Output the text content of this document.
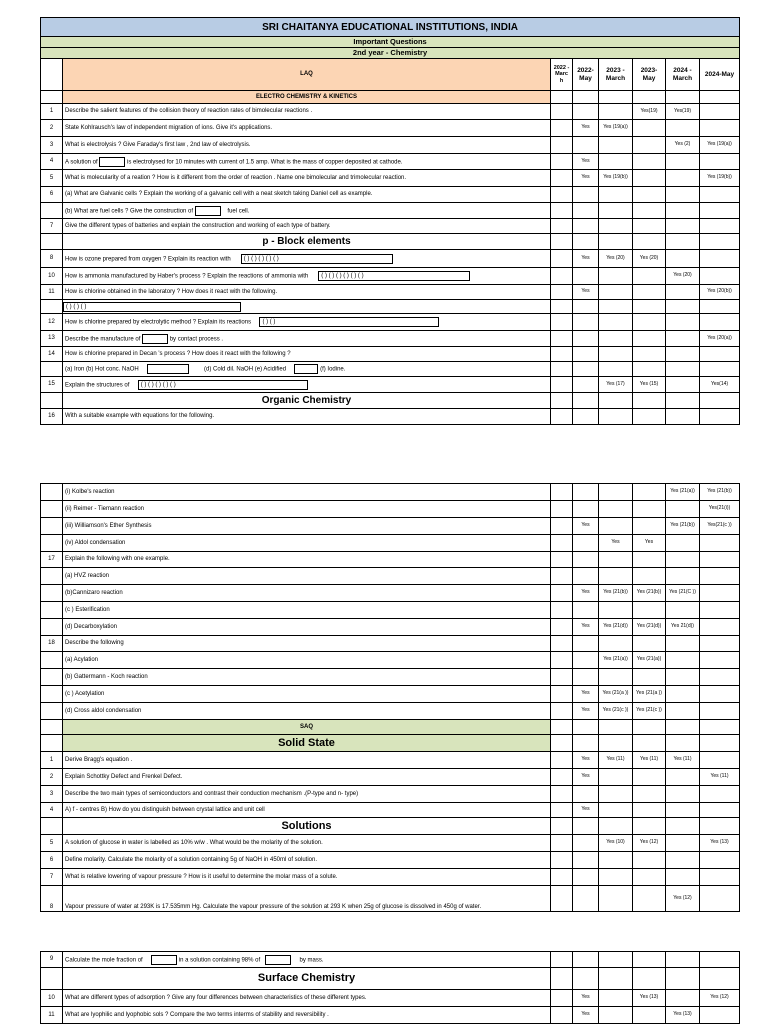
SRI CHAITANYA EDUCATIONAL INSTITUTIONS, INDIA							
Important Questions							
2nd year - Chemistry							
	LAQ	2022 - Marc h	2022- May	2023 - March	2023- May	2024 - March	2024-May
	ELECTRO CHEMISTRY & KINETICS						
1	Describe the salient features of the collision theory of reaction rates of bimolecular reactions .				Yes(19)	Yes(19)	
2	State Kohlrausch's law of independent migration of ions. Give it's applications.		Yes	Yes (19(a))			
3	What is electrolysis ? Give Faraday's first law , 2nd law of electrolysis.					Yes (2)	Yes (19(a))
4	A solution of is electrolysed for 10 minutes with current of 1.5 amp. What is the mass of copper deposited at cathode.		Yes				
5	What is molecularity of a reation ? How is it different from the order of reaction . Name one bimolecular and trimolecular reaction.		Yes	Yes (19(b))			Yes (19(b))
6	(a) What are Galvanic cells ? Explain the working of a galvanic cell with a neat sketch taking Daniel cell as example.						
	(b) What are fuel cells ? Give the construction of fuel cell.						
7	Give the different types of batteries and explain the construction and working of each type of battery.						
	p - Block elements						
8	How is ozone prepared from oxygen ? Explain its reaction with ( ) ( ) ( ) ( ) ( )		Yes	Yes (20)	Yes (20)		
10	How is ammonia manufactured by Haber's process ? Explain the reactions of ammonia with ( ) ( ) ( ) ( ) ( ) ( )					Yes (20)	
11	How is chlorine obtained in the laboratory ? How does it react with the following.		Yes				Yes (20(b))
	( ) ( ) ( )						
12	How is chlorine prepared by electrolytic method ? Explain its reactions ( ) ( )						
13	Describe the manufacture of by contact process .						Yes (20(a))
14	How is chlorine prepared in Decan 's process ? How does it react with the following ?						
	(a) Iron (b) Hot conc. NaOH (d) Cold dil. NaOH (e) Acidified (f) Iodine.						
15	Explain the structures of ( ) ( ) ( ) ( ) ( )			Yes (17)	Yes (15)		Yes(14)
	Organic Chemistry						
16	With a suitable example with equations for the following.						
	(i) Kolbe's reaction					Yes (21(a))	Yes (21(b))
	(ii) Reimer - Tiemann reaction						Yes(21(i))
	(iii) Williamson's Ether Synthesis		Yes			Yes (21(b))	Yes(21(c ))
	(iv) Aldol condensation			Yes	Yes		
17	Explain the following with one example.						
	(a) HVZ reaction						
	(b)Cannizaro reaction		Yes	Yes (21(b))	Yes (21(b))	Yes (21(C ))	
	(c ) Esterification						
	(d) Decarboxylation		Yes	Yes (21(d))	Yes (21(d))	Yes 21(d))	
18	Describe the following						
	(a) Acylation			Yes (21(a))	Yes (21(a))		
	(b) Gattermann - Koch reaction						
	(c ) Acetylation		Yes	Yes (21(a ))	Yes (21(a ))		
	(d) Cross aldol condensation		Yes	Yes (21(c ))	Yes (21(c ))		
	SAQ						
	Solid State						
1	Derive Bragg's equation .		Yes	Yes (11)	Yes (11)	Yes (11)	
2	Explain Schottky Defect and Frenkel Defect.		Yes				Yes (11)
3	Describe the two main types of semiconductors and contrast their conduction mechanism .(P-type and n- type)						
4	A) f - centres B) How do you distinguish between crystal lattice and unit cell		Yes				
	Solutions						
5	A solution of glucose in water is labelled as 10% w/w . What would be the molarity of the solution.			Yes (10)	Yes (12)		Yes (13)
6	Define molarity. Calculate the molarity of a solution containing 5g of NaOH in 450ml of solution.						
7	What is relative lowering of vapour pressure ? How is it useful to determine the molar mass of a solute.						
8	Vapour pressure of water at 293K is 17.535mm Hg. Calculate the vapour pressure of the solution at 293 K when 25g of glucose is dissolved in 450g of water.					Yes (12)	
9	Calculate the mole fraction of in a solution containing 98% of by mass.						
	Surface Chemistry						
10	What are different types of adsorption ? Give any four differences between characteristics of these different types.		Yes		Yes (13)		Yes (12)
11	What are lyophilic and lyophobic sols ? Compare the two terms interms of stability and reversibility .		Yes			Yes (13)	
